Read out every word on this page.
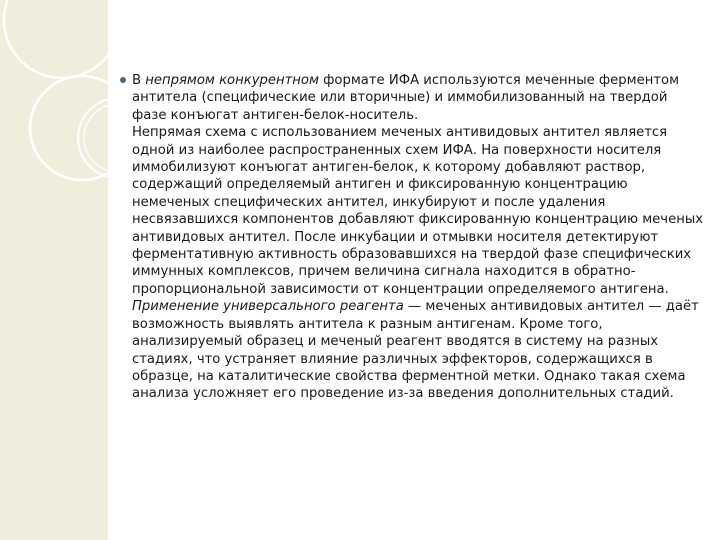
В непрямом конкурентном формате ИФА используются меченные ферментом антитела (специфические или вторичные) и иммобилизованный на твердой фазе конъюгат антиген-белок-носитель.

Непрямая схема с использованием меченых антивидовых антител является одной из наиболее распространенных схем ИФА. На поверхности носителя иммобилизуют конъюгат антиген-белок, к которому добавляют раствор, содержащий определяемый антиген и фиксированную концентрацию немеченых специфических антител, инкубируют и после удаления несвязавшихся компонентов добавляют фиксированную концентрацию меченых антивидовых антител. После инкубации и отмывки носителя детектируют ферментативную активность образовавшихся на твердой фазе специфических иммунных комплексов, причем величина сигнала находится в обратно-пропорциональной зависимости от концентрации определяемого антигена.

Применение универсального реагента — меченых антивидовых антител — даёт возможность выявлять антитела к разным антигенам. Кроме того, анализируемый образец и меченый реагент вводятся в систему на разных стадиях, что устраняет влияние различных эффекторов, содержащихся в образце, на каталитические свойства ферментной метки. Однако такая схема анализа усложняет его проведение из-за введения дополнительных стадий.
